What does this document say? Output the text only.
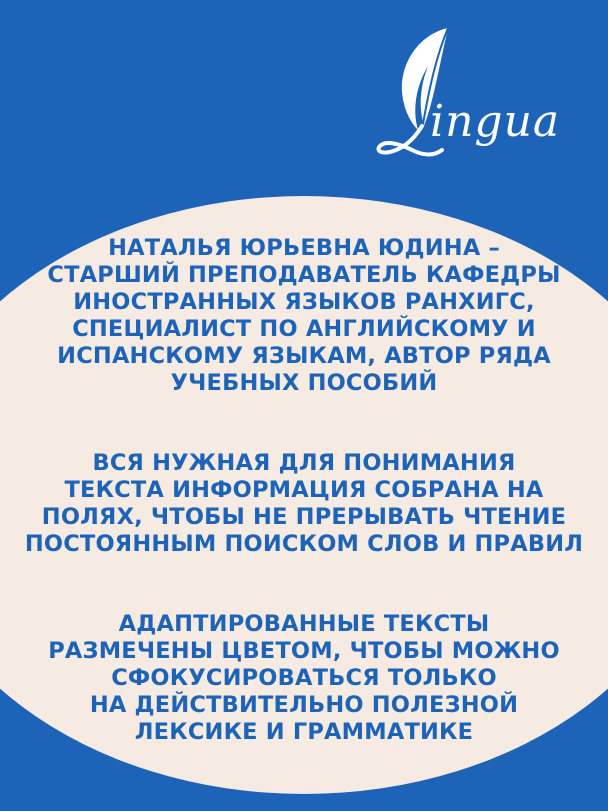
ingua
НАТАЛЬЯ ЮРЬЕВНА ЮДИНА –
СТАРШИЙ ПРЕПОДАВАТЕЛЬ КАФЕДРЫ
ИНОСТРАННЫХ ЯЗЫКОВ РАНХИГС,
СПЕЦИАЛИСТ ПО АНГЛИЙСКОМУ И
ИСПАНСКОМУ ЯЗЫКАМ, АВТОР РЯДА
УЧЕБНЫХ ПОСОБИЙ
ВСЯ НУЖНАЯ ДЛЯ ПОНИМАНИЯ
ТЕКСТА ИНФОРМАЦИЯ СОБРАНА НА
ПОЛЯХ, ЧТОБЫ НЕ ПРЕРЫВАТЬ ЧТЕНИЕ
ПОСТОЯННЫМ ПОИСКОМ СЛОВ И ПРАВИЛ
АДАПТИРОВАННЫЕ ТЕКСТЫ
РАЗМЕЧЕНЫ ЦВЕТОМ, ЧТОБЫ МОЖНО
СФОКУСИРОВАТЬСЯ ТОЛЬКО
НА ДЕЙСТВИТЕЛЬНО ПОЛЕЗНОЙ
ЛЕКСИКЕ И ГРАММАТИКЕ
